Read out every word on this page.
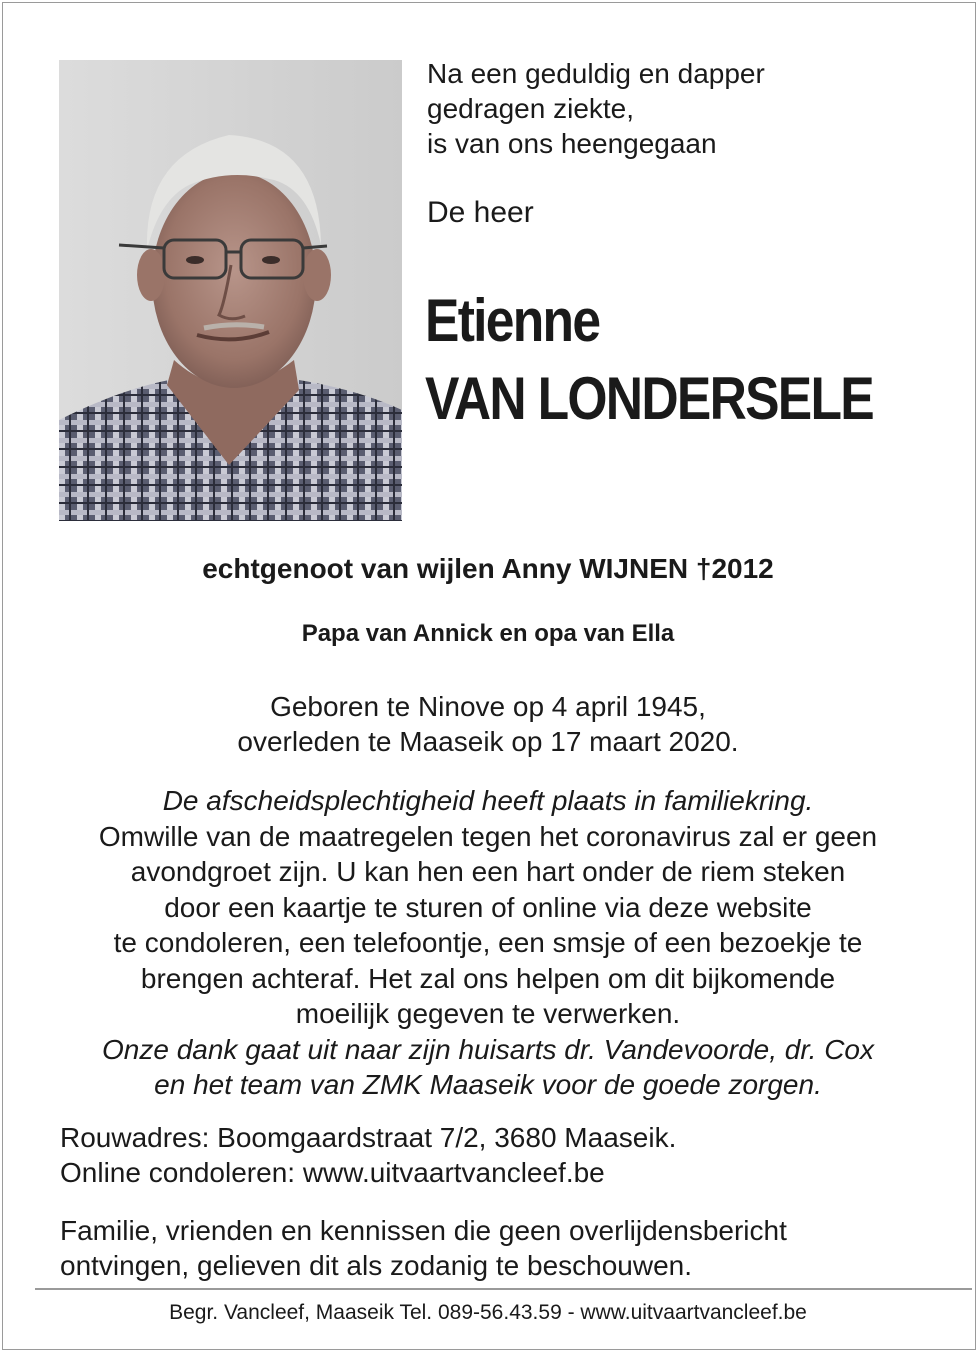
Na een geduldig en dapper
gedragen ziekte,
is van ons heengegaan
De heer
Etienne
VAN LONDERSELE
echtgenoot van wijlen Anny WIJNEN †2012
Papa van Annick en opa van Ella
Geboren te Ninove op 4 april 1945,
overleden te Maaseik op 17 maart 2020.
De afscheidsplechtigheid heeft plaats in familiekring.
Omwille van de maatregelen tegen het coronavirus zal er geen
avondgroet zijn. U kan hen een hart onder de riem steken
door een kaartje te sturen of online via deze website
te condoleren, een telefoontje, een smsje of een bezoekje te
brengen achteraf. Het zal ons helpen om dit bijkomende
moeilijk gegeven te verwerken.
Onze dank gaat uit naar zijn huisarts dr. Vandevoorde, dr. Cox
en het team van ZMK Maaseik voor de goede zorgen.
Rouwadres: Boomgaardstraat 7/2, 3680 Maaseik.
Online condoleren: www.uitvaartvancleef.be
Familie, vrienden en kennissen die geen overlijdensbericht
ontvingen, gelieven dit als zodanig te beschouwen.
Begr. Vancleef, Maaseik Tel. 089-56.43.59 - www.uitvaartvancleef.be
